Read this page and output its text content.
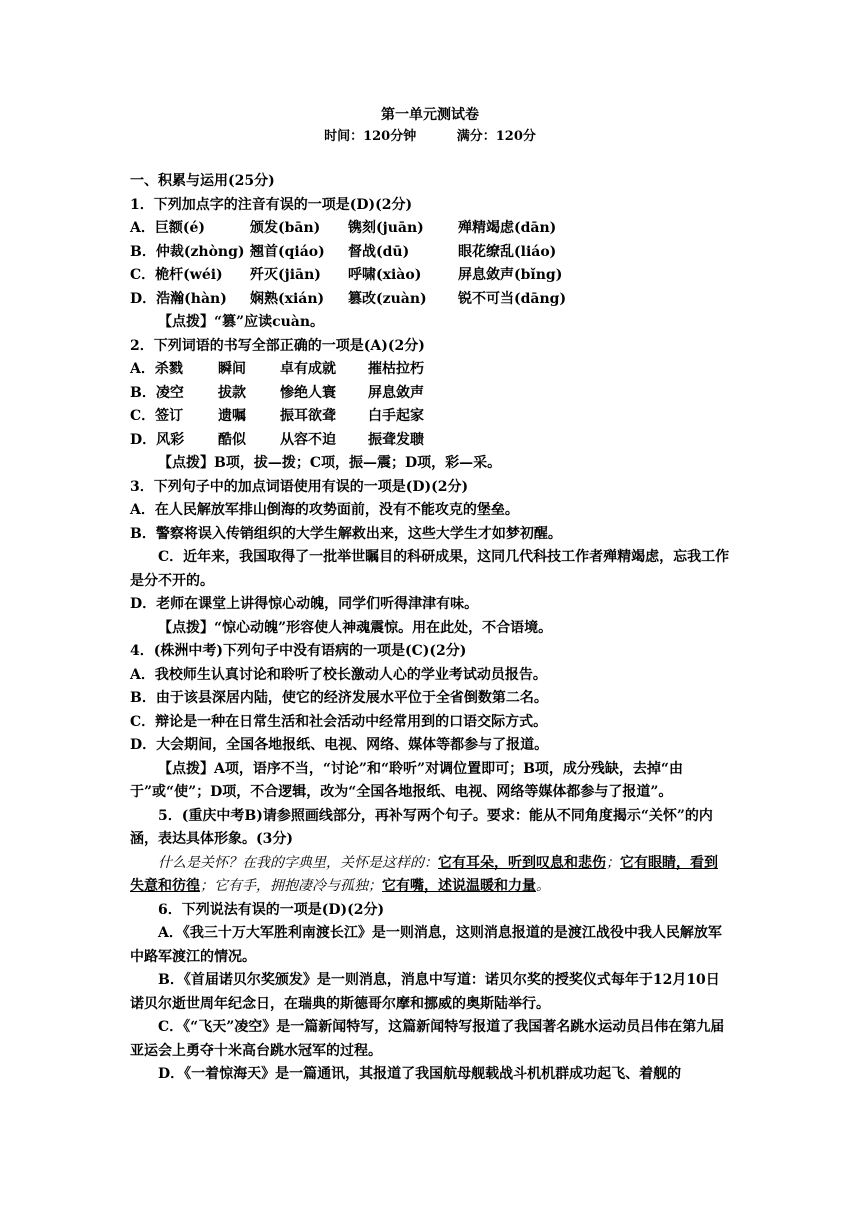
第一单元测试卷

时间：120分钟	满分：120分

一、积累与运用(25分)

1．下列加点字的注音有误的一项是(D)(2分)

A．巨额(é)	颁发(bān) 镌刻(juān) 殚精竭虑(dān)

B．仲裁(zhòng) 翘首(qiáo) 督战(dū)	眼花缭乱(liáo)

C．桅杆(wéi) 歼灭(jiān) 呼啸(xiào)	屏息敛声(bǐng)

D．浩瀚(hàn) 娴熟(xián) 篡改(zuàn) 锐不可当(dāng)

【点拨】“篡”应读cuàn。

2．下列词语的书写全部正确的一项是(A)(2分)

A．杀戮	瞬间 卓有成就 摧枯拉朽

B．凌空 拔款 惨绝人寰 屏息敛声

C．签订 遗嘱 振耳欲聋 白手起家

D．风彩 酷似 从容不迫 振聋发聩

【点拨】B项，拔—拨；C项，振—震；D项，彩—采。

3．下列句子中的加点词语使用有误的一项是(D)(2分)

A．在人民解放军排山倒海的攻势面前，没有不能攻克的堡垒。

B．警察将误入传销组织的大学生解救出来，这些大学生才如梦初醒。

C．近年来，我国取得了一批举世瞩目的科研成果，这同几代科技工作者殚精竭虑，忘我工作是分不开的。

D．老师在课堂上讲得惊心动魄，同学们听得津津有味。

【点拨】“惊心动魄”形容使人神魂震惊。用在此处，不合语境。

4．(株洲中考)下列句子中没有语病的一项是(C)(2分)

A．我校师生认真讨论和聆听了校长激动人心的学业考试动员报告。

B．由于该县深居内陆，使它的经济发展水平位于全省倒数第二名。

C．辩论是一种在日常生活和社会活动中经常用到的口语交际方式。

D．大会期间，全国各地报纸、电视、网络、媒体等都参与了报道。

【点拨】A项，语序不当，“讨论”和“聆听”对调位置即可；B项，成分残缺，去掉“由于”或“使”；D项，不合逻辑，改为“全国各地报纸、电视、网络等媒体都参与了报道”。

5．(重庆中考B)请参照画线部分，再补写两个句子。要求：能从不同角度揭示“关怀”的内涵，表达具体形象。(3分)

什么是关怀？在我的字典里，关怀是这样的：它有耳朵，听到叹息和悲伤；它有眼睛，看到失意和彷徨；它有手，拥抱凄冷与孤独；它有嘴，述说温暖和力量。

6．下列说法有误的一项是(D)(2分)

A．《我三十万大军胜利南渡长江》是一则消息，这则消息报道的是渡江战役中我人民解放军中路军渡江的情况。

B．《首届诺贝尔奖颁发》是一则消息，消息中写道：诺贝尔奖的授奖仪式每年于12月10日诺贝尔逝世周年纪念日，在瑞典的斯德哥尔摩和挪威的奥斯陆举行。

C．《“飞天”凌空》是一篇新闻特写，这篇新闻特写报道了我国著名跳水运动员吕伟在第九届亚运会上勇夺十米高台跳水冠军的过程。

D．《一着惊海天》是一篇通讯，其报道了我国航母舰载战斗机机群成功起飞、着舰的
